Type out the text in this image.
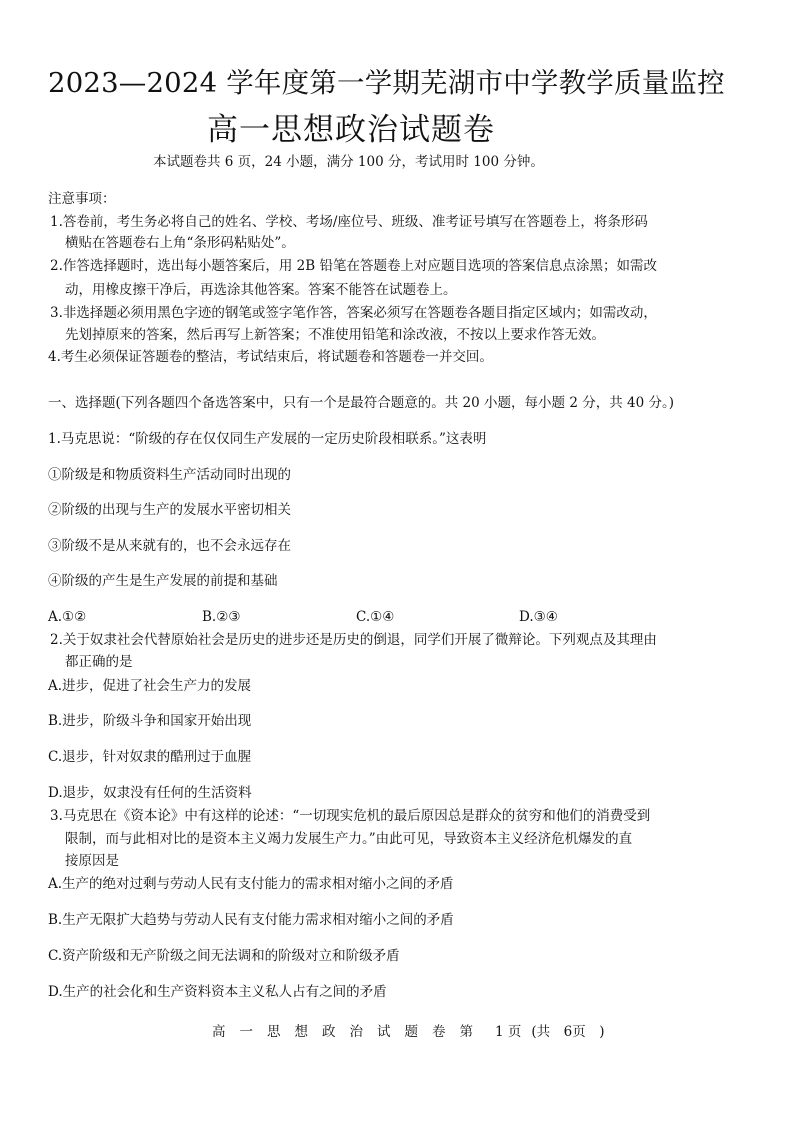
2023—2024 学年度第一学期芜湖市中学教学质量监控
高一思想政治试题卷
本试题卷共 6 页，24 小题，满分 100 分，考试用时 100 分钟。
注意事项：
1.答卷前，考生务必将自己的姓名、学校、考场/座位号、班级、准考证号填写在答题卷上，将条形码
横贴在答题卷右上角“条形码粘贴处”。
2.作答选择题时，选出每小题答案后，用 2B 铅笔在答题卷上对应题目选项的答案信息点涂黑；如需改
动，用橡皮擦干净后，再选涂其他答案。答案不能答在试题卷上。
3.非选择题必须用黑色字迹的钢笔或签字笔作答，答案必须写在答题卷各题目指定区域内；如需改动，
先划掉原来的答案，然后再写上新答案；不准使用铅笔和涂改液，不按以上要求作答无效。
4.考生必须保证答题卷的整洁，考试结束后，将试题卷和答题卷一并交回。
一、选择题(下列各题四个备选答案中，只有一个是最符合题意的。共 20 小题，每小题 2 分，共 40 分。)
1.马克思说：“阶级的存在仅仅同生产发展的一定历史阶段相联系。”这表明
①阶级是和物质资料生产活动同时出现的
②阶级的出现与生产的发展水平密切相关
③阶级不是从来就有的，也不会永远存在
④阶级的产生是生产发展的前提和基础
A.①②	B.②③	C.①④	D.③④
2.关于奴隶社会代替原始社会是历史的进步还是历史的倒退，同学们开展了微辩论。下列观点及其理由
都正确的是
A.进步，促进了社会生产力的发展
B.进步，阶级斗争和国家开始出现
C.退步，针对奴隶的酷刑过于血腥
D.退步，奴隶没有任何的生活资料
3.马克思在《资本论》中有这样的论述：“一切现实危机的最后原因总是群众的贫穷和他们的消费受到
限制，而与此相对比的是资本主义竭力发展生产力。”由此可见，导致资本主义经济危机爆发的直
接原因是
A.生产的绝对过剩与劳动人民有支付能力的需求相对缩小之间的矛盾
B.生产无限扩大趋势与劳动人民有支付能力需求相对缩小之间的矛盾
C.资产阶级和无产阶级之间无法调和的阶级对立和阶级矛盾
D.生产的社会化和生产资料资本主义私人占有之间的矛盾
高 一 思 想 政 治 试 题 卷 第 1 页 (共　6页　)
